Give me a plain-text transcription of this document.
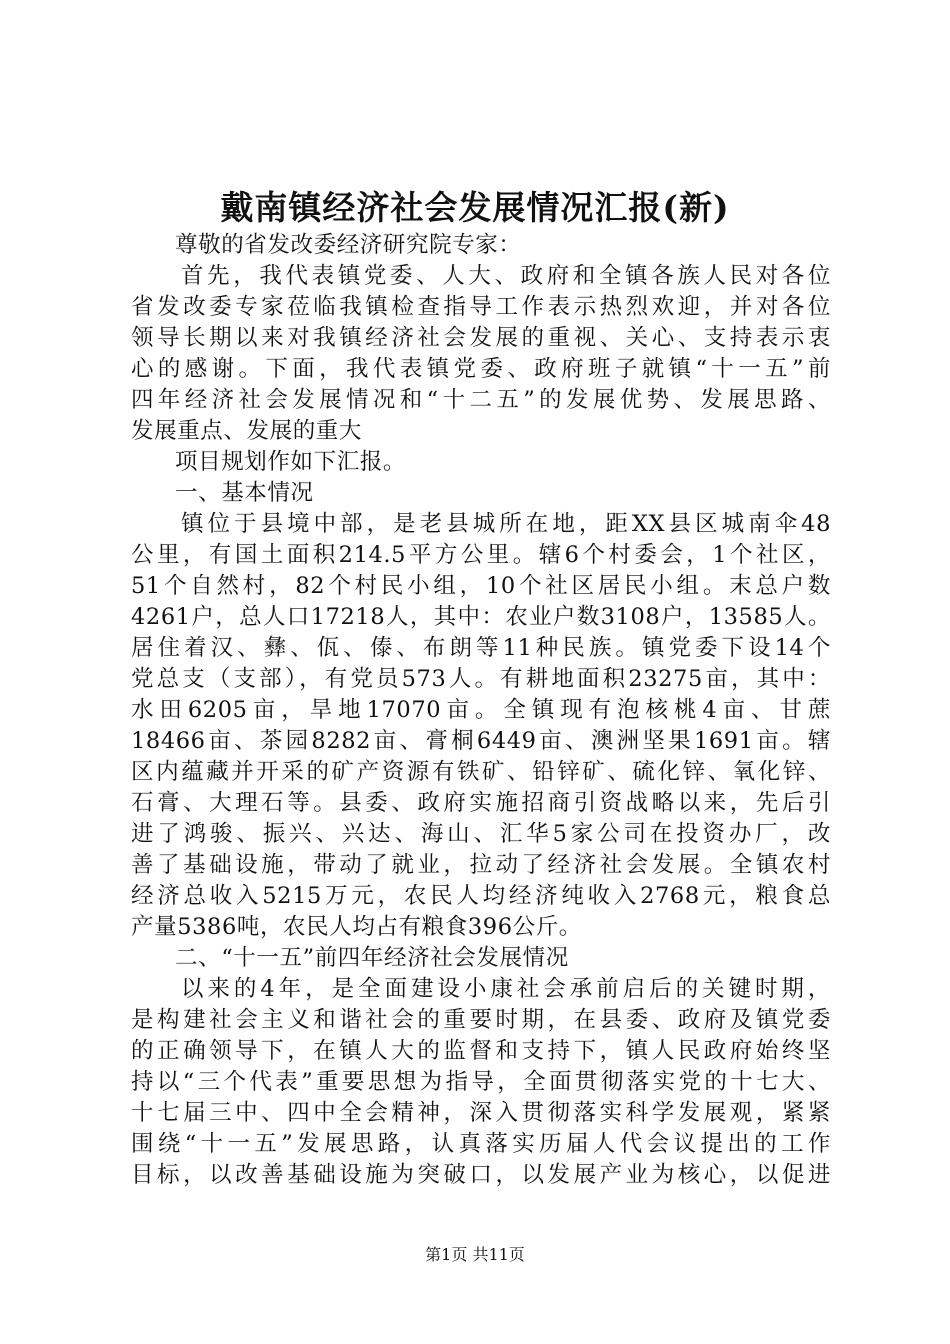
戴南镇经济社会发展情况汇报(新)
尊敬的省发改委经济研究院专家：
首先，我代表镇党委、人大、政府和全镇各族人民对各位
省发改委专家莅临我镇检查指导工作表示热烈欢迎，并对各位
领导长期以来对我镇经济社会发展的重视、关心、支持表示衷
心的感谢。下面，我代表镇党委、政府班子就镇“十一五”前
四年经济社会发展情况和“十二五”的发展优势、发展思路、
发展重点、发展的重大
项目规划作如下汇报。
一、基本情况
镇位于县境中部，是老县城所在地，距XX县区城南伞48
公里，有国土面积214.5平方公里。辖6个村委会，1个社区，
51个自然村，82个村民小组，10个社区居民小组。末总户数
4261户，总人口17218人，其中：农业户数3108户，13585人。
居住着汉、彝、佤、傣、布朗等11种民族。镇党委下设14个
党总支（支部），有党员573人。有耕地面积23275亩，其中：
水田6205亩，旱地17070亩。全镇现有泡核桃4亩、甘蔗
18466亩、茶园8282亩、膏桐6449亩、澳洲坚果1691亩。辖
区内蕴藏并开采的矿产资源有铁矿、铅锌矿、硫化锌、氧化锌、
石膏、大理石等。县委、政府实施招商引资战略以来，先后引
进了鸿骏、振兴、兴达、海山、汇华5家公司在投资办厂，改
善了基础设施，带动了就业，拉动了经济社会发展。全镇农村
经济总收入5215万元，农民人均经济纯收入2768元，粮食总
产量5386吨，农民人均占有粮食396公斤。
二、“十一五”前四年经济社会发展情况
以来的4年，是全面建设小康社会承前启后的关键时期，
是构建社会主义和谐社会的重要时期，在县委、政府及镇党委
的正确领导下，在镇人大的监督和支持下，镇人民政府始终坚
持以“三个代表”重要思想为指导，全面贯彻落实党的十七大、
十七届三中、四中全会精神，深入贯彻落实科学发展观，紧紧
围绕“十一五”发展思路，认真落实历届人代会议提出的工作
目标，以改善基础设施为突破口，以发展产业为核心，以促进
第1页 共11页
